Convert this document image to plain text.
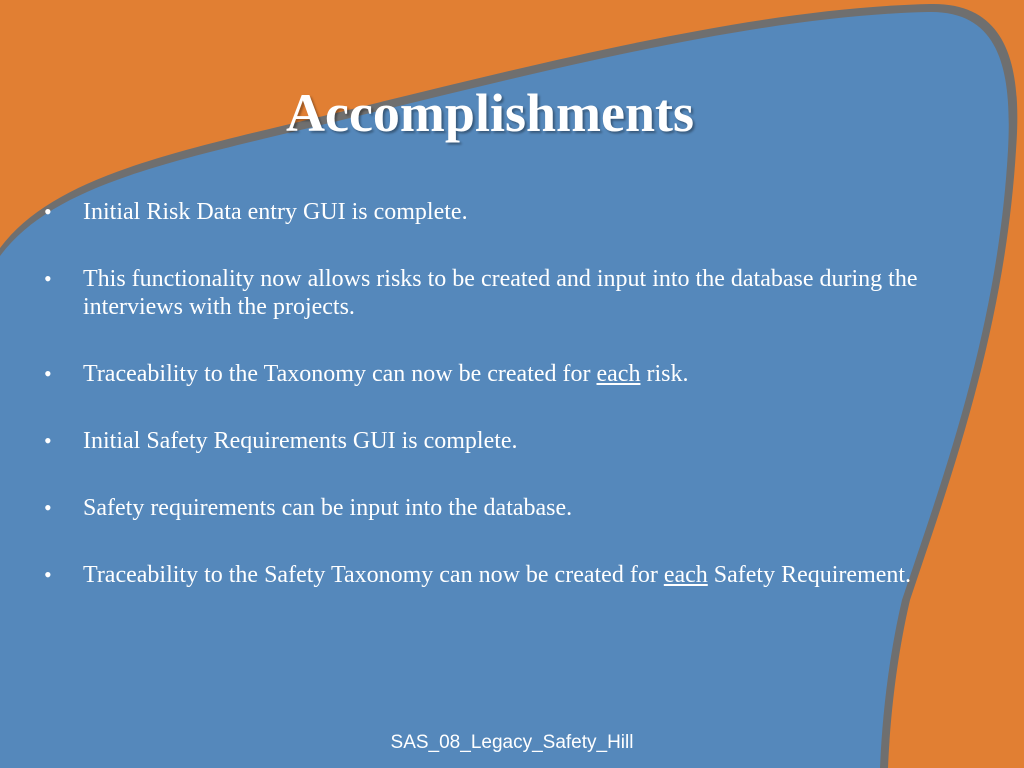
Accomplishments
• Initial Risk Data entry GUI is complete.
• This functionality now allows risks to be created and input into the database during the interviews with the projects.
• Traceability to the Taxonomy can now be created for each risk.
• Initial Safety Requirements GUI is complete.
• Safety requirements can be input into the database.
• Traceability to the Safety Taxonomy can now be created for each Safety Requirement.
SAS_08_Legacy_Safety_Hill
